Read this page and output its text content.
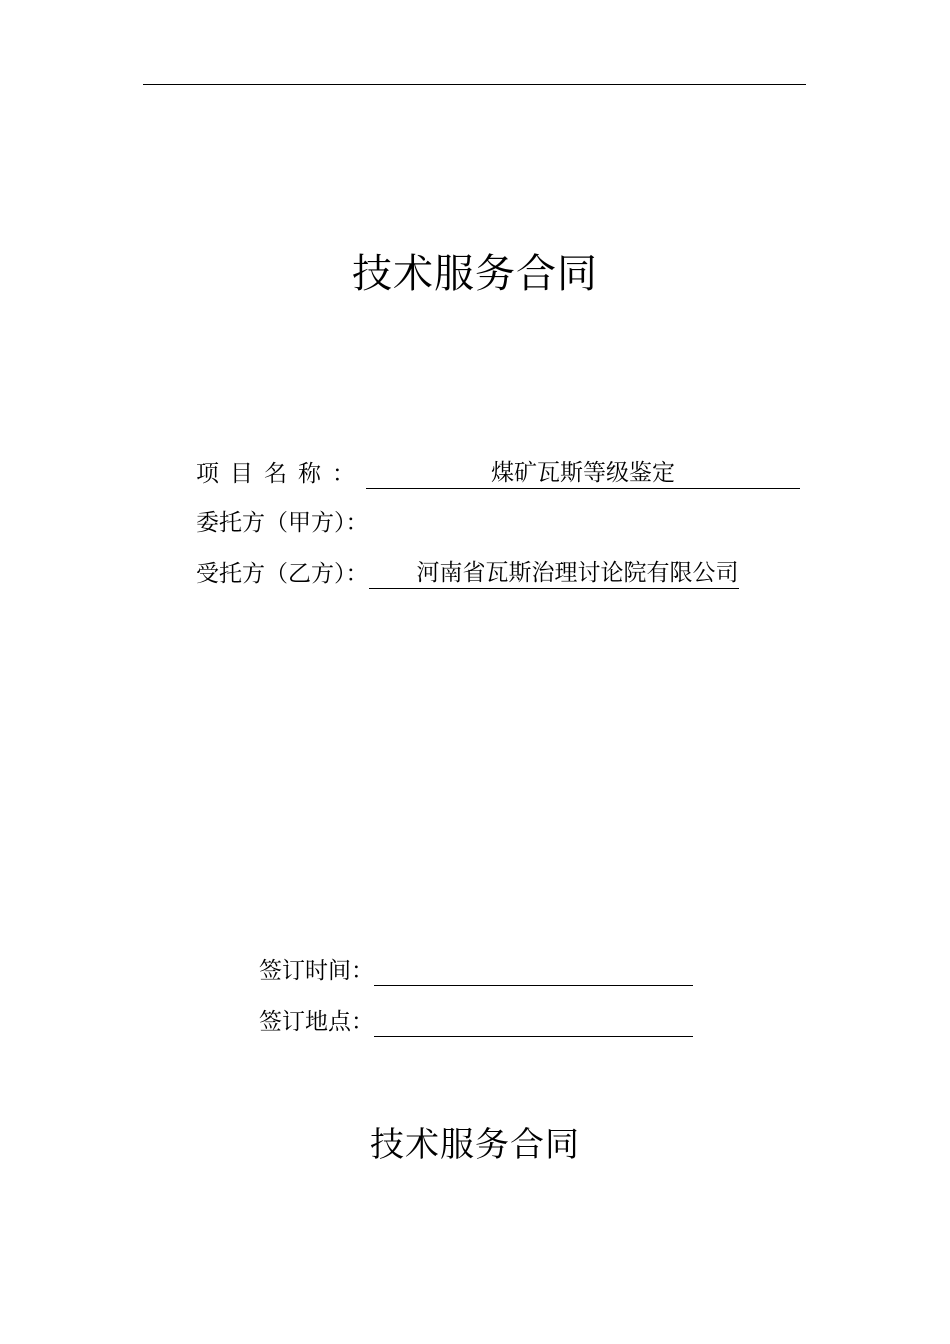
技术服务合同
项目名称：	煤矿瓦斯等级鉴定
委托方（甲方）：
受托方（乙方）： 河南省瓦斯治理讨论院有限公司
签订时间：
签订地点：
技术服务合同
